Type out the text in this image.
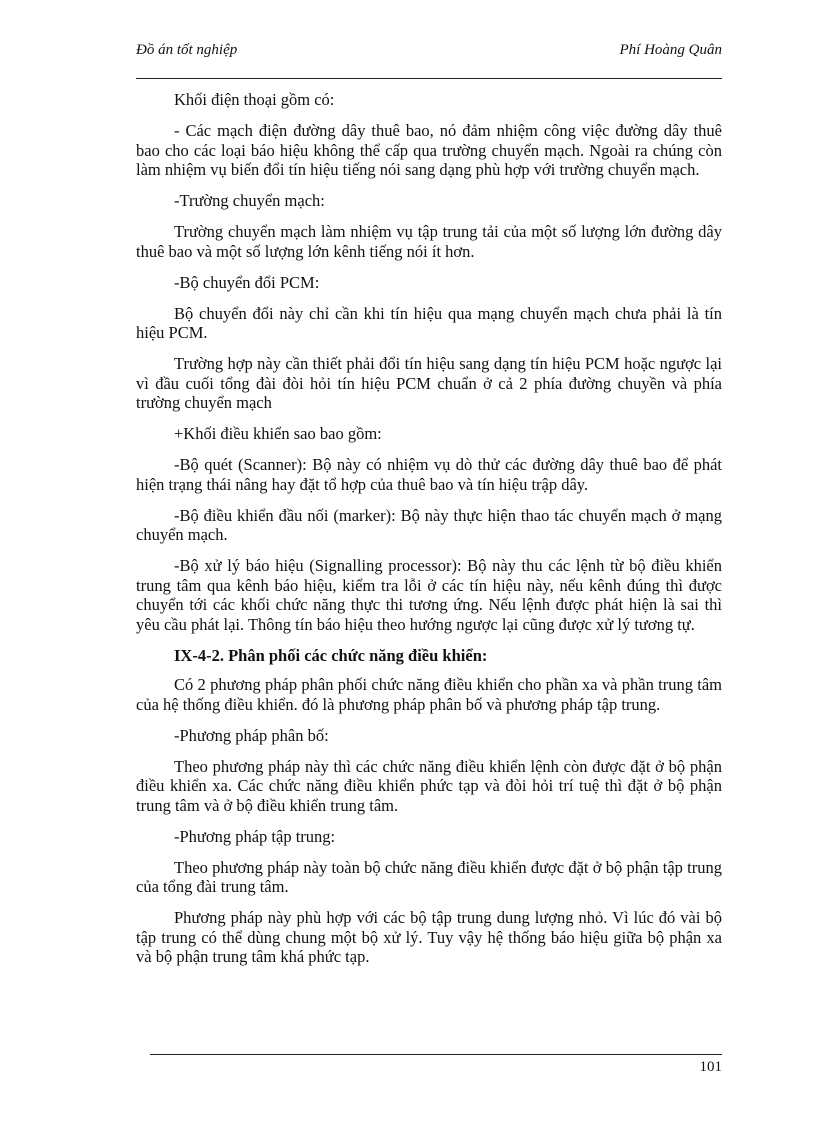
Đồ án tốt nghiệp	Phí Hoàng Quân

Khối điện thoại gồm có:

- Các mạch điện đường dây thuê bao, nó đảm nhiệm công việc đường dây thuê bao cho các loại báo hiệu không thể cấp qua trường chuyển mạch. Ngoài ra chúng còn làm nhiệm vụ biến đổi tín hiệu tiếng nói sang dạng phù hợp với trường chuyển mạch.

-Trường chuyển mạch:

Trường chuyển mạch làm nhiệm vụ tập trung tải của một số lượng lớn đường dây thuê bao và một số lượng lớn kênh tiếng nói ít hơn.

-Bộ chuyển đổi PCM:

Bộ chuyển đổi này chỉ cần khi tín hiệu qua mạng chuyển mạch chưa phải là tín hiệu PCM.

Trường hợp này cần thiết phải đổi tín hiệu sang dạng tín hiệu PCM hoặc ngược lại vì đầu cuối tổng đài đòi hỏi tín hiệu PCM chuẩn ở cả 2 phía đường chuyền và phía trường chuyển mạch

+Khối điều khiển sao bao gồm:

-Bộ quét (Scanner): Bộ này có nhiệm vụ dò thử các đường dây thuê bao để phát hiện trạng thái nâng hay đặt tổ hợp của thuê bao và tín hiệu trập dây.

-Bộ điều khiển đầu nối (marker): Bộ này thực hiện thao tác chuyển mạch ở mạng chuyển mạch.

-Bộ xử lý báo hiệu (Signalling processor): Bộ này thu các lệnh từ bộ điều khiển trung tâm qua kênh báo hiệu, kiểm tra lỗi ở các tín hiệu này, nếu kênh đúng thì được chuyển tới các khối chức năng thực thi tương ứng. Nếu lệnh được phát hiện là sai thì yêu cầu phát lại. Thông tín báo hiệu theo hướng ngược lại cũng được xử lý tương tự.

IX-4-2. Phân phối các chức năng điều khiển:

Có 2 phương pháp phân phối chức năng điều khiển cho phần xa và phần trung tâm của hệ thống điều khiển. đó là phương pháp phân bố và phương pháp tập trung.

-Phương pháp phân bố:

Theo phương pháp này thì các chức năng điều khiển lệnh còn được đặt ở bộ phận điều khiển xa. Các chức năng điều khiển phức tạp và đòi hỏi trí tuệ thì đặt ở bộ phận trung tâm và ở bộ điều khiển trung tâm.

-Phương pháp tập trung:

Theo phương pháp này toàn bộ chức năng điều khiển được đặt ở bộ phận tập trung của tổng đài trung tâm.

Phương pháp này phù hợp với các bộ tập trung dung lượng nhỏ. Vì lúc đó vài bộ tập trung có thể dùng chung một bộ xử lý. Tuy vậy hệ thống báo hiệu giữa bộ phận xa và bộ phận trung tâm khá phức tạp.

101
